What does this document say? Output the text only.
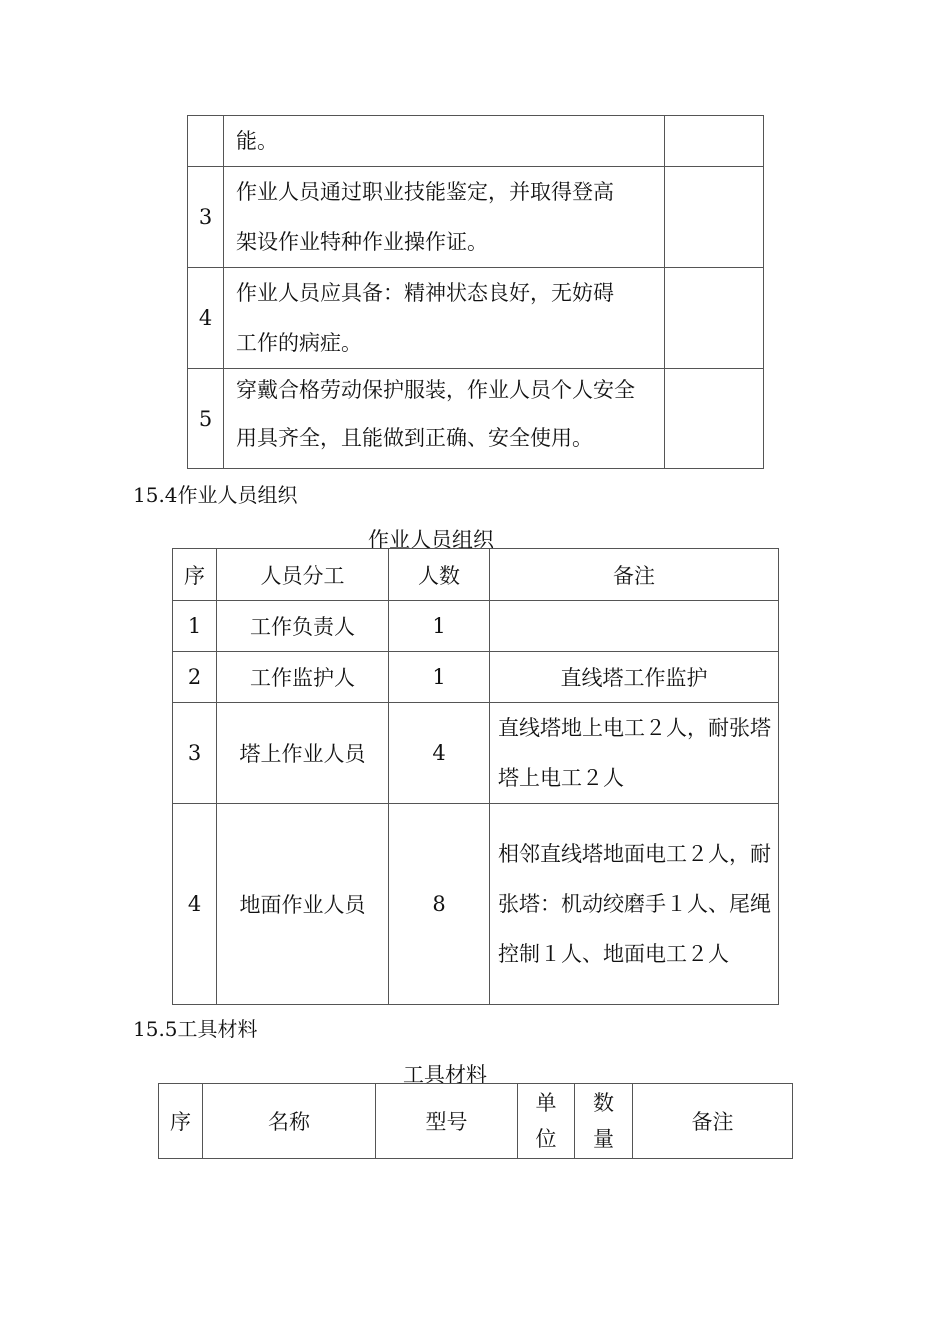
	能。	

3	作业人员通过职业技能鉴定，并取得登高
架设作业特种作业操作证。	

4	作业人员应具备：精神状态良好，无妨碍
工作的病症。	

5	穿戴合格劳动保护服装，作业人员个人安全
用具齐全，且能做到正确、安全使用。	

15.4作业人员组织
作业人员组织
序	人员分工	人数	备注
1	工作负责人	1	
2	工作监护人	1	直线塔工作监护
3	塔上作业人员	4	直线塔地上电工２人，耐张塔塔上电工２人
4	地面作业人员	8	相邻直线塔地面电工２人，耐张塔：机动绞磨手１人、尾绳控制１人、地面电工２人
15.5工具材料
工具材料
序	名称	型号	单位	数量	备注
